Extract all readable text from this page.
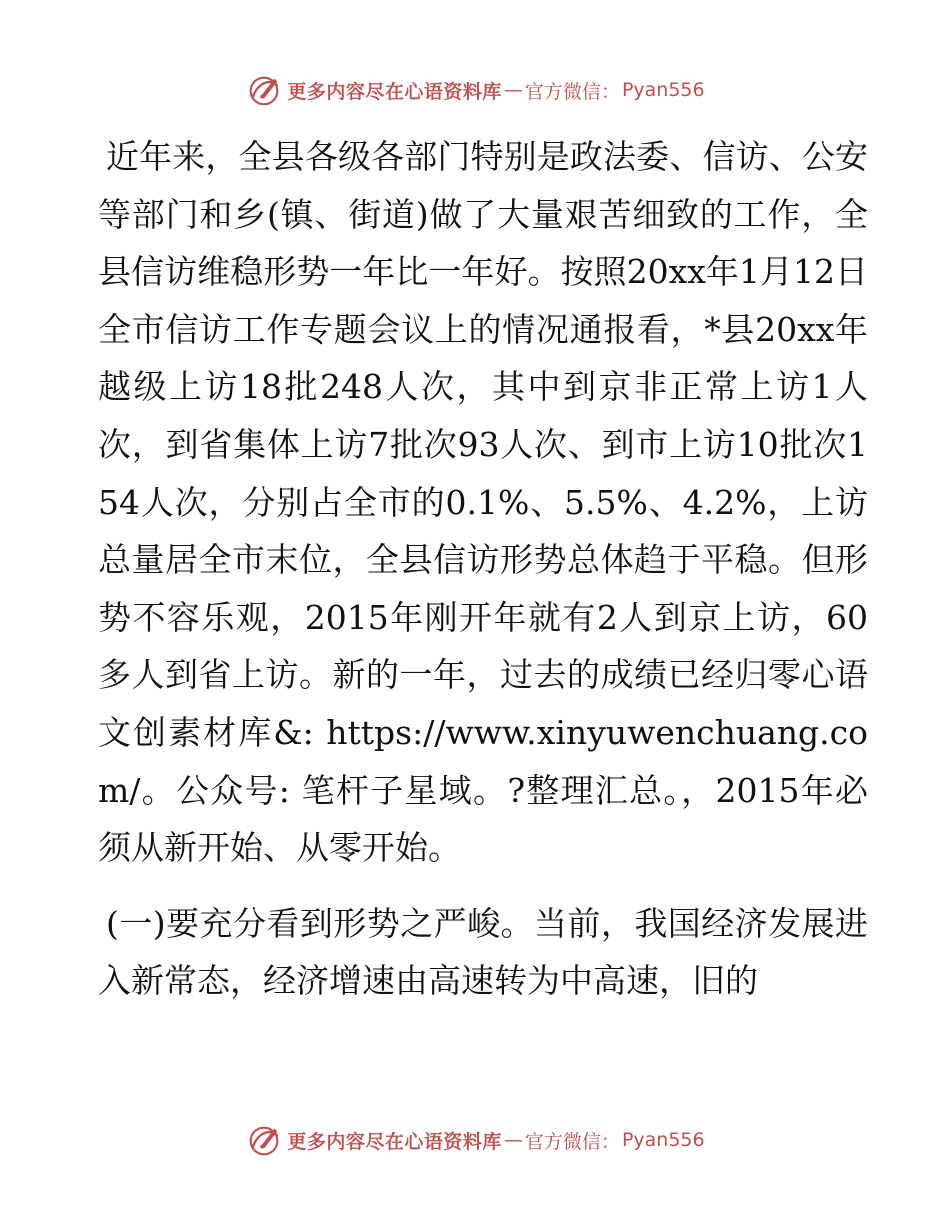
更多内容尽在心语资料库 — 官方微信： Pyan556

近年来，全县各级各部门特别是政法委、信访、公安等部门和乡(镇、街道)做了大量艰苦细致的工作，全县信访维稳形势一年比一年好。按照20xx年1月12日全市信访工作专题会议上的情况通报看，*县20xx年越级上访18批248人次，其中到京非正常上访1人次，到省集体上访7批次93人次、到市上访10批次154人次，分别占全市的0.1%、5.5%、4.2%，上访总量居全市末位，全县信访形势总体趋于平稳。但形势不容乐观，2015年刚开年就有2人到京上访，60多人到省上访。新的一年，过去的成绩已经归零心语文创素材库&: https://www.xinyuwenchuang.com/。公众号: 笔杆子星域。?整理汇总。，2015年必须从新开始、从零开始。

(一)要充分看到形势之严峻。当前，我国经济发展进入新常态，经济增速由高速转为中高速，旧的

更多内容尽在心语资料库 — 官方微信： Pyan556
